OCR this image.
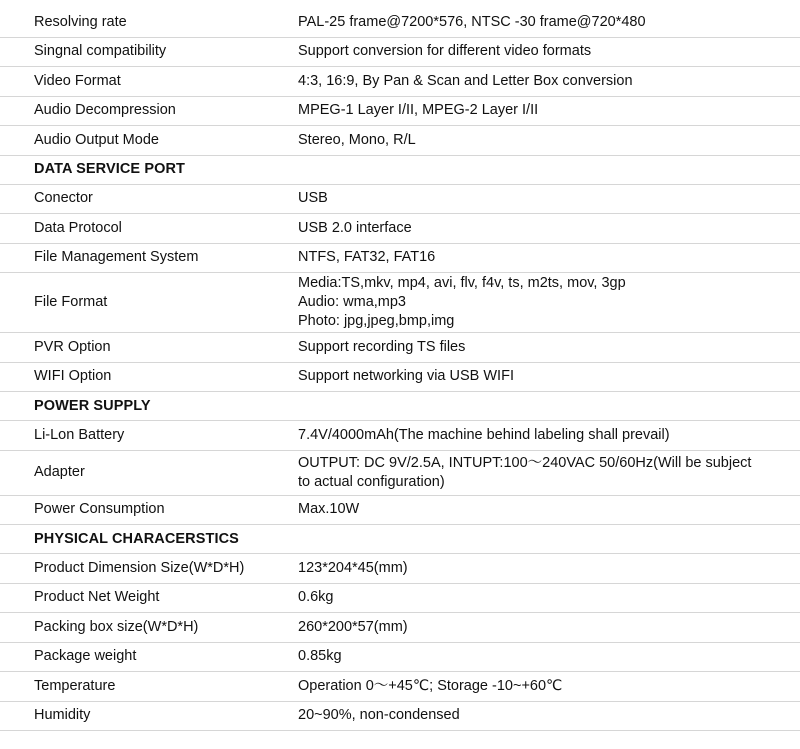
Resolving rate	PAL-25 frame@7200*576, NTSC -30 frame@720*480
Singnal compatibility	Support conversion for different video formats
Video Format	4:3, 16:9, By Pan & Scan and Letter Box conversion
Audio Decompression	MPEG-1 Layer I/II, MPEG-2 Layer I/II
Audio Output Mode	Stereo, Mono, R/L
DATA SERVICE PORT	
Conector	USB
Data Protocol	USB 2.0 interface
File Management System	NTFS, FAT32, FAT16
File Format	Media:TS,mkv, mp4, avi, flv, f4v, ts, m2ts, mov, 3gp
Audio: wma,mp3
Photo: jpg,jpeg,bmp,img

PVR Option	Support recording TS files
WIFI Option	Support networking via USB WIFI
POWER SUPPLY	
Li-Lon Battery	7.4V/4000mAh(The machine behind labeling shall prevail)
Adapter	OUTPUT: DC 9V/2.5A, INTUPT:100～240VAC 50/60Hz(Will be subject to actual configuration)
Power Consumption	Max.10W
PHYSICAL CHARACERSTICS	
Product Dimension Size(W*D*H)	123*204*45(mm)
Product Net Weight	0.6kg
Packing box size(W*D*H)	260*200*57(mm)
Package weight	0.85kg
Temperature	Operation 0～+45℃; Storage -10~+60℃
Humidity	20~90%, non-condensed
